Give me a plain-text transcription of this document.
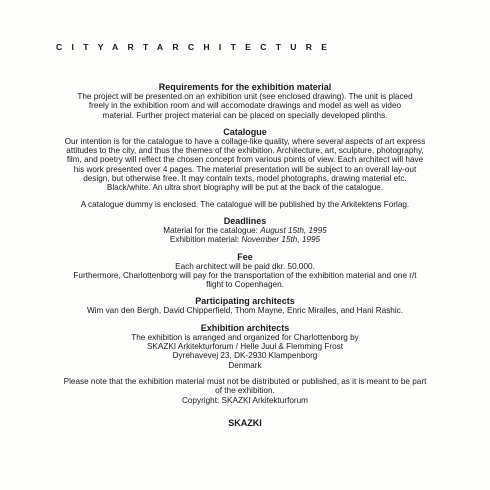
CITYARTARCHITECTURE
Requirements for the exhibition material
The project will be presented on an exhibition unit (see enclosed drawing). The unit is placed
freely in the exhibition room and will accomodate drawings and model as well as video
material. Further project material can be placed on specially developed plinths.
Catalogue
Our intention is for the catalogue to have a collage-like quality, where several aspects of art express
attitudes to the city, and thus the themes of the exhibition. Architecture, art, sculpture, photography,
film, and poetry will reflect the chosen concept from various points of view. Each architect will have
his work presented over 4 pages. The material presentation will be subject to an overall lay-out
design, but otherwise free. It may contain texts, model photographs, drawing material etc.
Black/white. An ultra short biography will be put at the back of the catalogue.
A catalogue dummy is enclosed. The catalogue will be published by the Arkitektens Forlag.
Deadlines
Material for the catalogue: August 15th, 1995
Exhibition material: November 15th, 1995
Fee
Each architect will be paid dkr. 50.000.
Furthermore, Charlottenborg will pay for the transportation of the exhibition material and one r/t
flight to Copenhagen.
Participating architects
Wim van den Bergh, David Chipperfield, Thom Mayne, Enric Miralles, and Hani Rashic.
Exhibition architects
The exhibition is arranged and organized for Charlottenborg by
SKAZKI Arkitekturforum / Helle Juul & Flemming Frost
Dyrehavevej 23, DK-2930 Klampenborg
Denmark
Please note that the exhibition material must not be distributed or published, as it is meant to be part
of the exhibition.
Copyright: SKAZKI Arkitekturforum
SKAZKI
